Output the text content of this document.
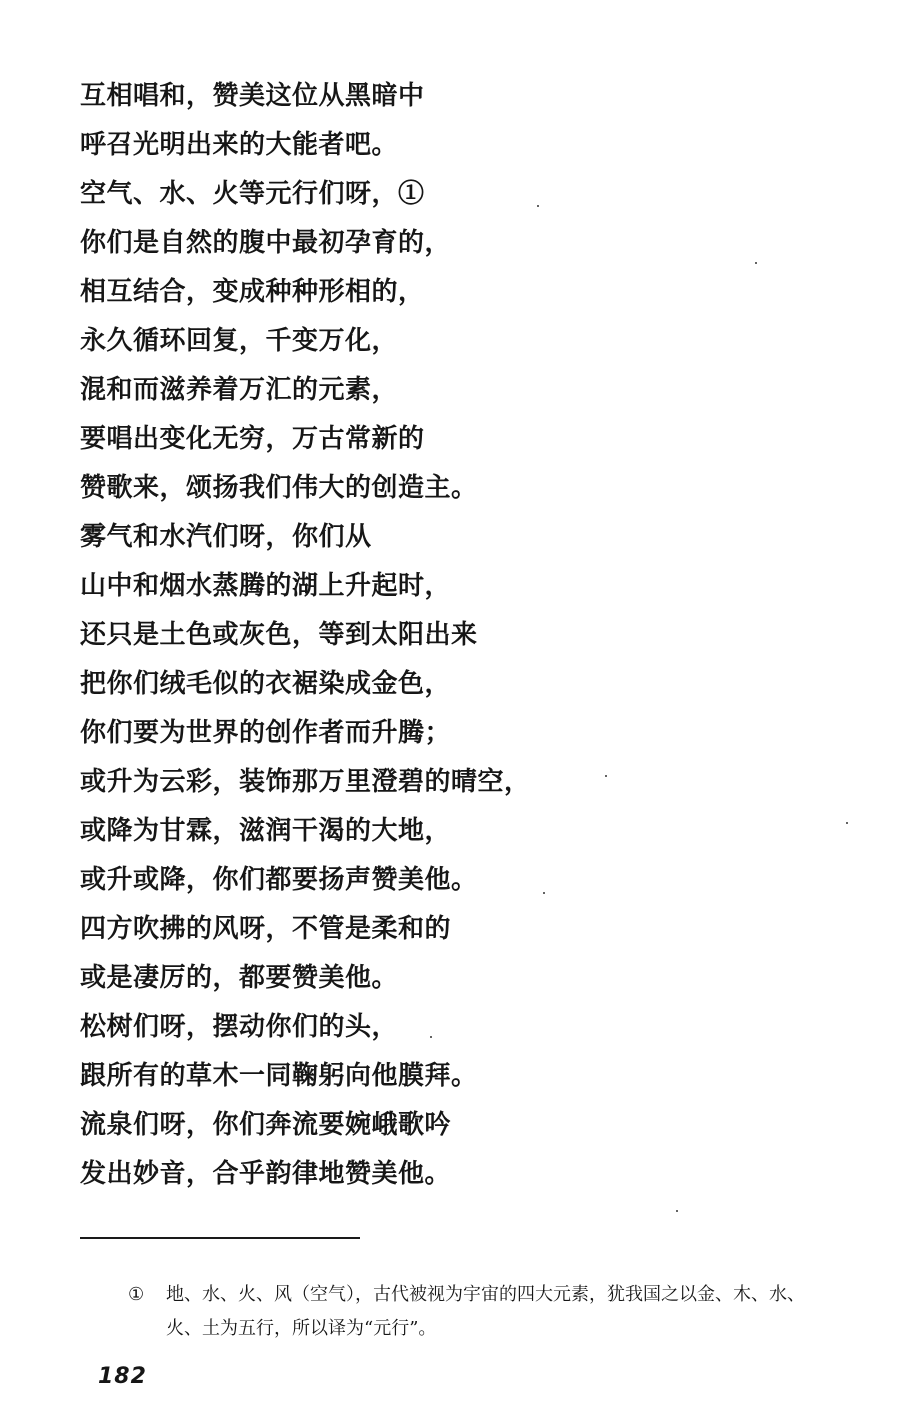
互相唱和，赞美这位从黑暗中
呼召光明出来的大能者吧。
空气、水、火等元行们呀，①
你们是自然的腹中最初孕育的，
相互结合，变成种种形相的，
永久循环回复，千变万化，
混和而滋养着万汇的元素，
要唱出变化无穷，万古常新的
赞歌来，颂扬我们伟大的创造主。
雾气和水汽们呀，你们从
山中和烟水蒸腾的湖上升起时，
还只是土色或灰色，等到太阳出来
把你们绒毛似的衣裾染成金色，
你们要为世界的创作者而升腾；
或升为云彩，装饰那万里澄碧的晴空，
或降为甘霖，滋润干渴的大地，
或升或降，你们都要扬声赞美他。
四方吹拂的风呀，不管是柔和的
或是凄厉的，都要赞美他。
松树们呀，摆动你们的头，
跟所有的草木一同鞠躬向他膜拜。
流泉们呀，你们奔流要婉峨歌吟
发出妙音，合乎韵律地赞美他。
① 地、水、火、风（空气），古代被视为宇宙的四大元素，犹我国之以金、木、水、
火、土为五行，所以译为“元行”。
182
